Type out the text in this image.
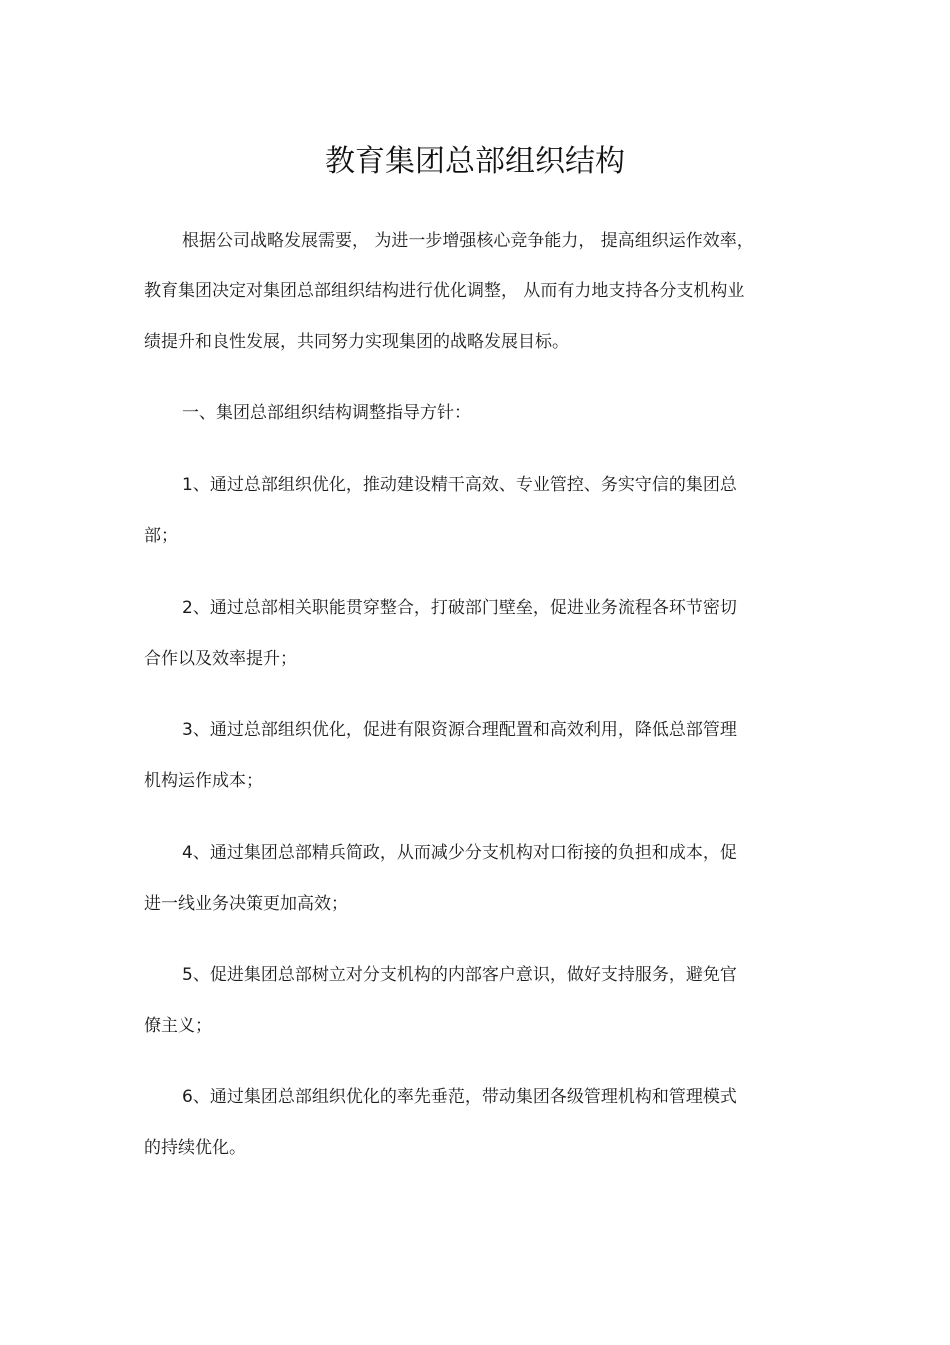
教育集团总部组织结构
根据公司战略发展需要， 为进一步增强核心竞争能力， 提高组织运作效率，
教育集团决定对集团总部组织结构进行优化调整， 从而有力地支持各分支机构业
绩提升和良性发展，共同努力实现集团的战略发展目标。
一、集团总部组织结构调整指导方针：
1、通过总部组织优化，推动建设精干高效、专业管控、务实守信的集团总
部；
2、通过总部相关职能贯穿整合，打破部门壁垒，促进业务流程各环节密切
合作以及效率提升；
3、通过总部组织优化，促进有限资源合理配置和高效利用，降低总部管理
机构运作成本；
4、通过集团总部精兵简政，从而减少分支机构对口衔接的负担和成本，促
进一线业务决策更加高效；
5、促进集团总部树立对分支机构的内部客户意识，做好支持服务，避免官
僚主义；
6、通过集团总部组织优化的率先垂范，带动集团各级管理机构和管理模式
的持续优化。
